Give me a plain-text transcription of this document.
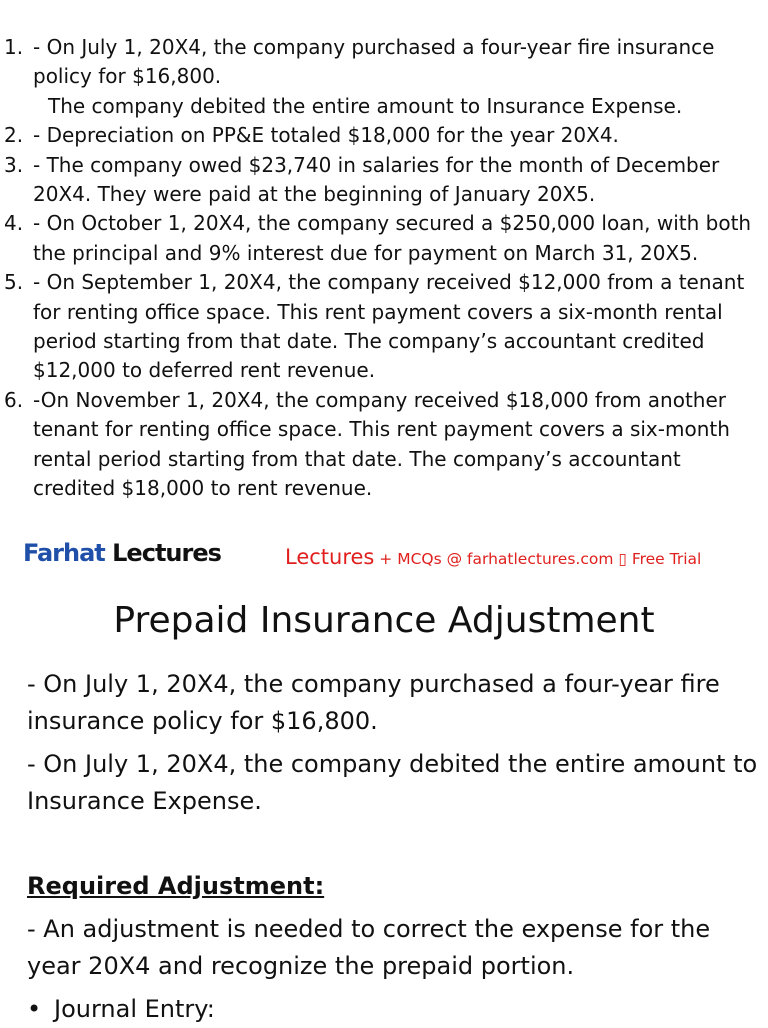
1. - On July 1, 20X4, the company purchased a four-year fire insurance
policy for $16,800.
The company debited the entire amount to Insurance Expense.
2. - Depreciation on PP&E totaled $18,000 for the year 20X4.
3. - The company owed $23,740 in salaries for the month of December
20X4. They were paid at the beginning of January 20X5.
4. - On October 1, 20X4, the company secured a $250,000 loan, with both
the principal and 9% interest due for payment on March 31, 20X5.
5. - On September 1, 20X4, the company received $12,000 from a tenant
for renting office space. This rent payment covers a six-month rental
period starting from that date. The company’s accountant credited
$12,000 to deferred rent revenue.
6. -On November 1, 20X4, the company received $18,000 from another
tenant for renting office space. This rent payment covers a six-month
rental period starting from that date. The company’s accountant
credited $18,000 to rent revenue.
Farhat Lectures	Lectures + MCQs @ farhatlectures.com ▯ Free Trial
Prepaid Insurance Adjustment

- On July 1, 20X4, the company purchased a four-year fire insurance policy for $16,800.

- On July 1, 20X4, the company debited the entire amount to Insurance Expense.

Required Adjustment:

- An adjustment is needed to correct the expense for the year 20X4 and recognize the prepaid portion.

• Journal Entry:
